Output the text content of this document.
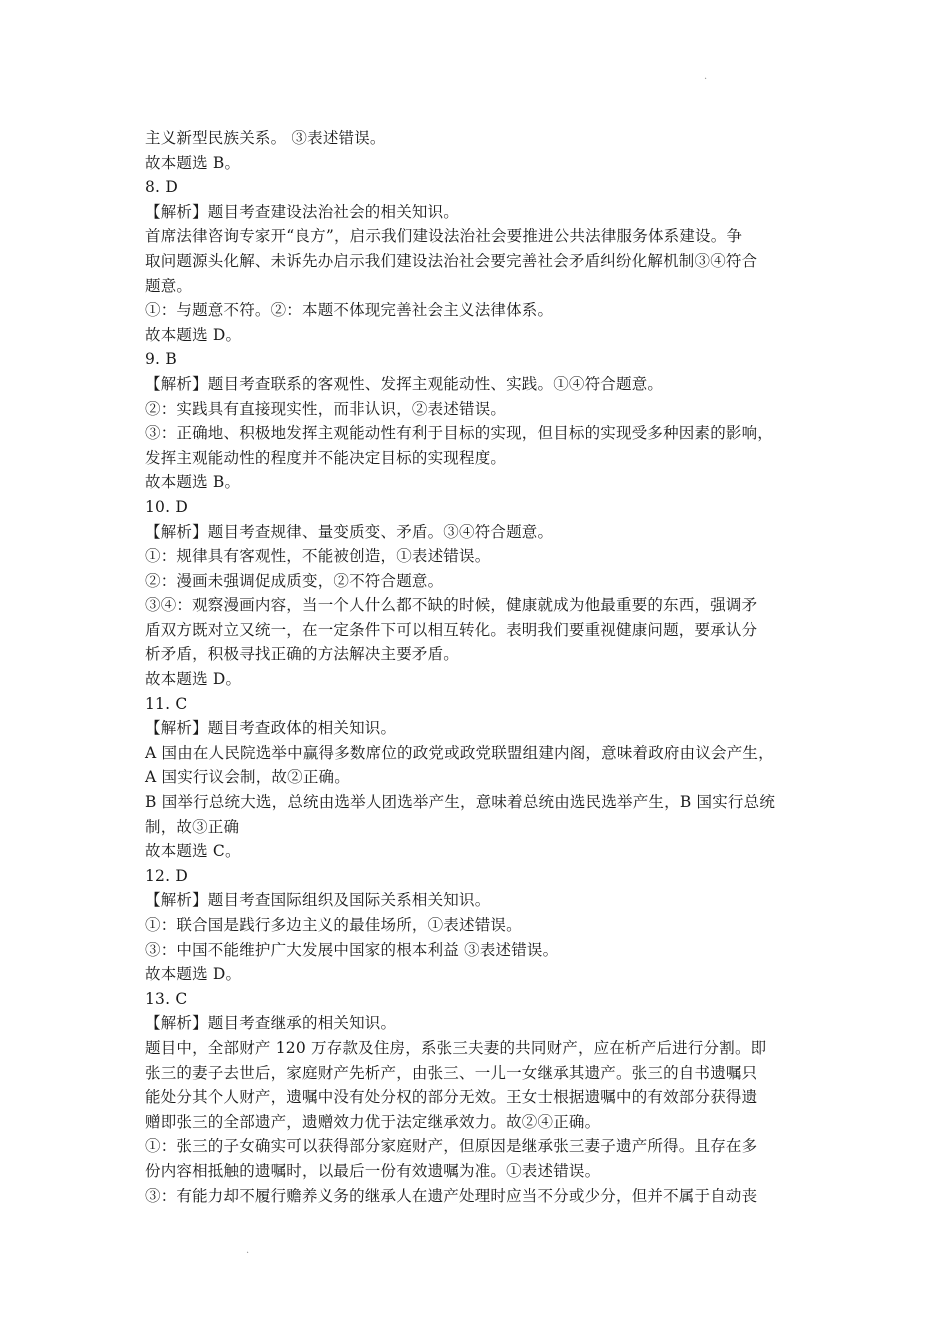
·
主义新型民族关系。 ③表述错误。
故本题选 B。
8. D
【解析】题目考查建设法治社会的相关知识。
首席法律咨询专家开“良方”，启示我们建设法治社会要推进公共法律服务体系建设。争
取问题源头化解、未诉先办启示我们建设法治社会要完善社会矛盾纠纷化解机制③④符合
题意。
①：与题意不符。②：本题不体现完善社会主义法律体系。
故本题选 D。
9. B
【解析】题目考查联系的客观性、发挥主观能动性、实践。①④符合题意。
②：实践具有直接现实性，而非认识，②表述错误。
③：正确地、积极地发挥主观能动性有利于目标的实现，但目标的实现受多种因素的影响，
发挥主观能动性的程度并不能决定目标的实现程度。
故本题选 B。
10. D
【解析】题目考查规律、量变质变、矛盾。③④符合题意。
①：规律具有客观性，不能被创造，①表述错误。
②：漫画未强调促成质变，②不符合题意。
③④：观察漫画内容，当一个人什么都不缺的时候，健康就成为他最重要的东西，强调矛
盾双方既对立又统一，在一定条件下可以相互转化。表明我们要重视健康问题，要承认分
析矛盾，积极寻找正确的方法解决主要矛盾。
故本题选 D。
11. C
【解析】题目考查政体的相关知识。
A 国由在人民院选举中赢得多数席位的政党或政党联盟组建内阁，意味着政府由议会产生，
A 国实行议会制，故②正确。
B 国举行总统大选，总统由选举人团选举产生，意味着总统由选民选举产生，B 国实行总统
制，故③正确
故本题选 C。
12. D
【解析】题目考查国际组织及国际关系相关知识。
①：联合国是践行多边主义的最佳场所，①表述错误。
③：中国不能维护广大发展中国家的根本利益 ③表述错误。
故本题选 D。
13. C
【解析】题目考查继承的相关知识。
题目中，全部财产 120 万存款及住房，系张三夫妻的共同财产，应在析产后进行分割。即
张三的妻子去世后，家庭财产先析产，由张三、一儿一女继承其遗产。张三的自书遗嘱只
能处分其个人财产，遗嘱中没有处分权的部分无效。王女士根据遗嘱中的有效部分获得遗
赠即张三的全部遗产，遗赠效力优于法定继承效力。故②④正确。
①：张三的子女确实可以获得部分家庭财产，但原因是继承张三妻子遗产所得。且存在多
份内容相抵触的遗嘱时，以最后一份有效遗嘱为准。①表述错误。
③：有能力却不履行赡养义务的继承人在遗产处理时应当不分或少分，但并不属于自动丧
·
